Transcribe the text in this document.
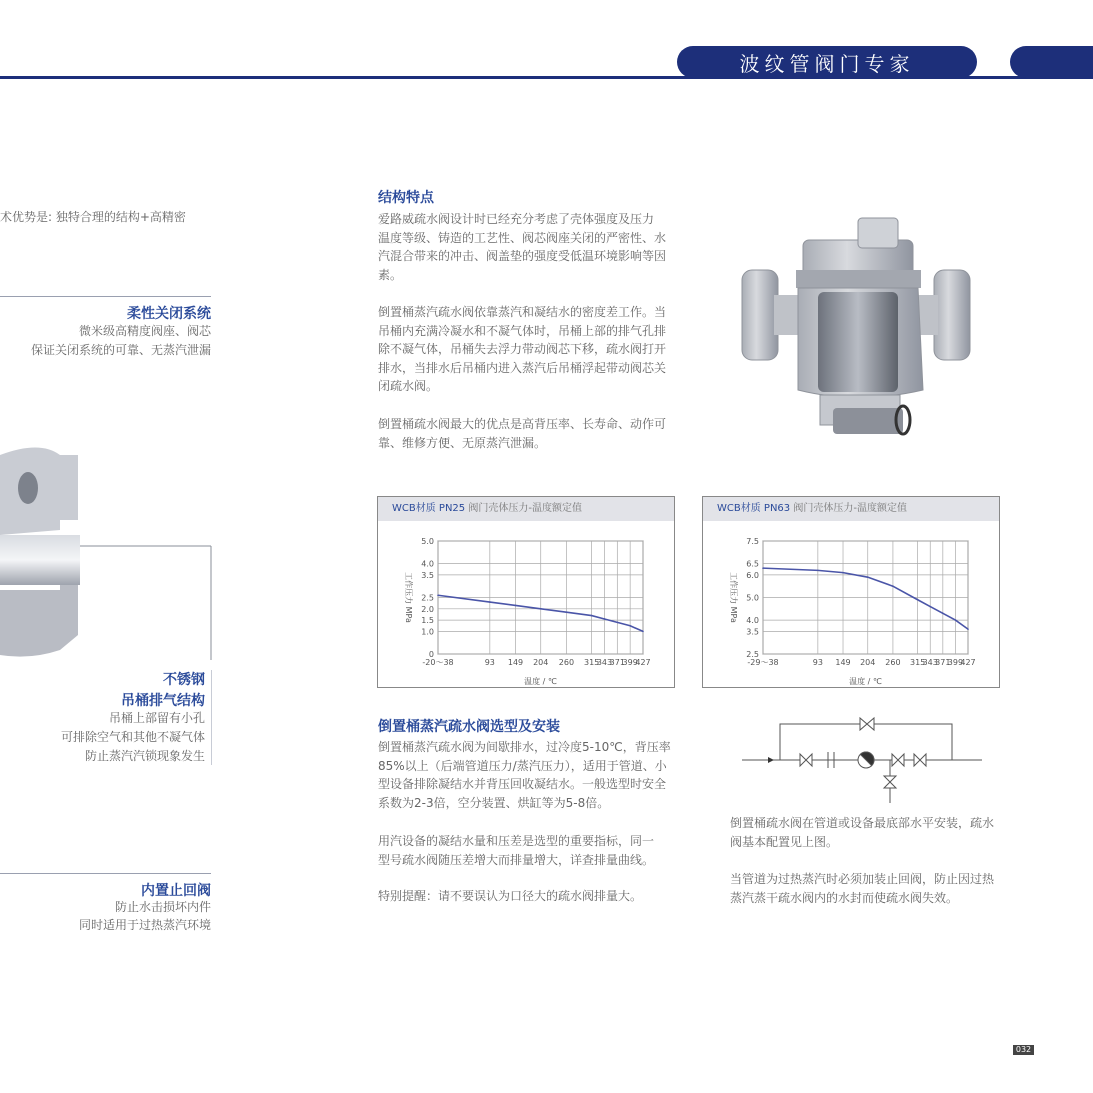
波纹管阀门专家
术优势是: 独特合理的结构+高精密
柔性关闭系统
微米级高精度阀座、阀芯
保证关闭系统的可靠、无蒸汽泄漏
不锈钢
吊桶排气结构
吊桶上部留有小孔
可排除空气和其他不凝气体
防止蒸汽汽锁现象发生
内置止回阀
防止水击损坏内件
同时适用于过热蒸汽环境
结构特点
爱路威疏水阀设计时已经充分考虑了壳体强度及压力
温度等级、铸造的工艺性、阀芯阀座关闭的严密性、水
汽混合带来的冲击、阀盖垫的强度受低温环境影响等因
素。
倒置桶蒸汽疏水阀依靠蒸汽和凝结水的密度差工作。当
吊桶内充满冷凝水和不凝气体时，吊桶上部的排气孔排
除不凝气体，吊桶失去浮力带动阀芯下移，疏水阀打开
排水，当排水后吊桶内进入蒸汽后吊桶浮起带动阀芯关
闭疏水阀。
倒置桶疏水阀最大的优点是高背压率、长寿命、动作可
靠、维修方便、无原蒸汽泄漏。
WCB材质 PN25 阀门壳体压力-温度额定值
-20～38	93 149 204 260 315
343
371
399
427
5.0
4.0
3.5
2.5
2.0
1.5
1.0
0
温度 / ℃
工作压力 MPa
WCB材质 PN63 阀门壳体压力-温度额定值
-29～38	93 149 204 260 315
343
371
399
427
7.5
6.5
6.0
5.0
4.0
3.5
2.5
温度 / ℃
工作压力 MPa
倒置桶蒸汽疏水阀选型及安装
倒置桶蒸汽疏水阀为间歇排水，过冷度5-10℃，背压率
85%以上（后端管道压力/蒸汽压力），适用于管道、小
型设备排除凝结水并背压回收凝结水。一般选型时安全
系数为2-3倍，空分装置、烘缸等为5-8倍。
用汽设备的凝结水量和压差是选型的重要指标，同一
型号疏水阀随压差增大而排量增大，详查排量曲线。
特别提醒：请不要误认为口径大的疏水阀排量大。
倒置桶疏水阀在管道或设备最底部水平安装，疏水
阀基本配置见上图。
当管道为过热蒸汽时必须加装止回阀，防止因过热
蒸汽蒸干疏水阀内的水封而使疏水阀失效。
032
